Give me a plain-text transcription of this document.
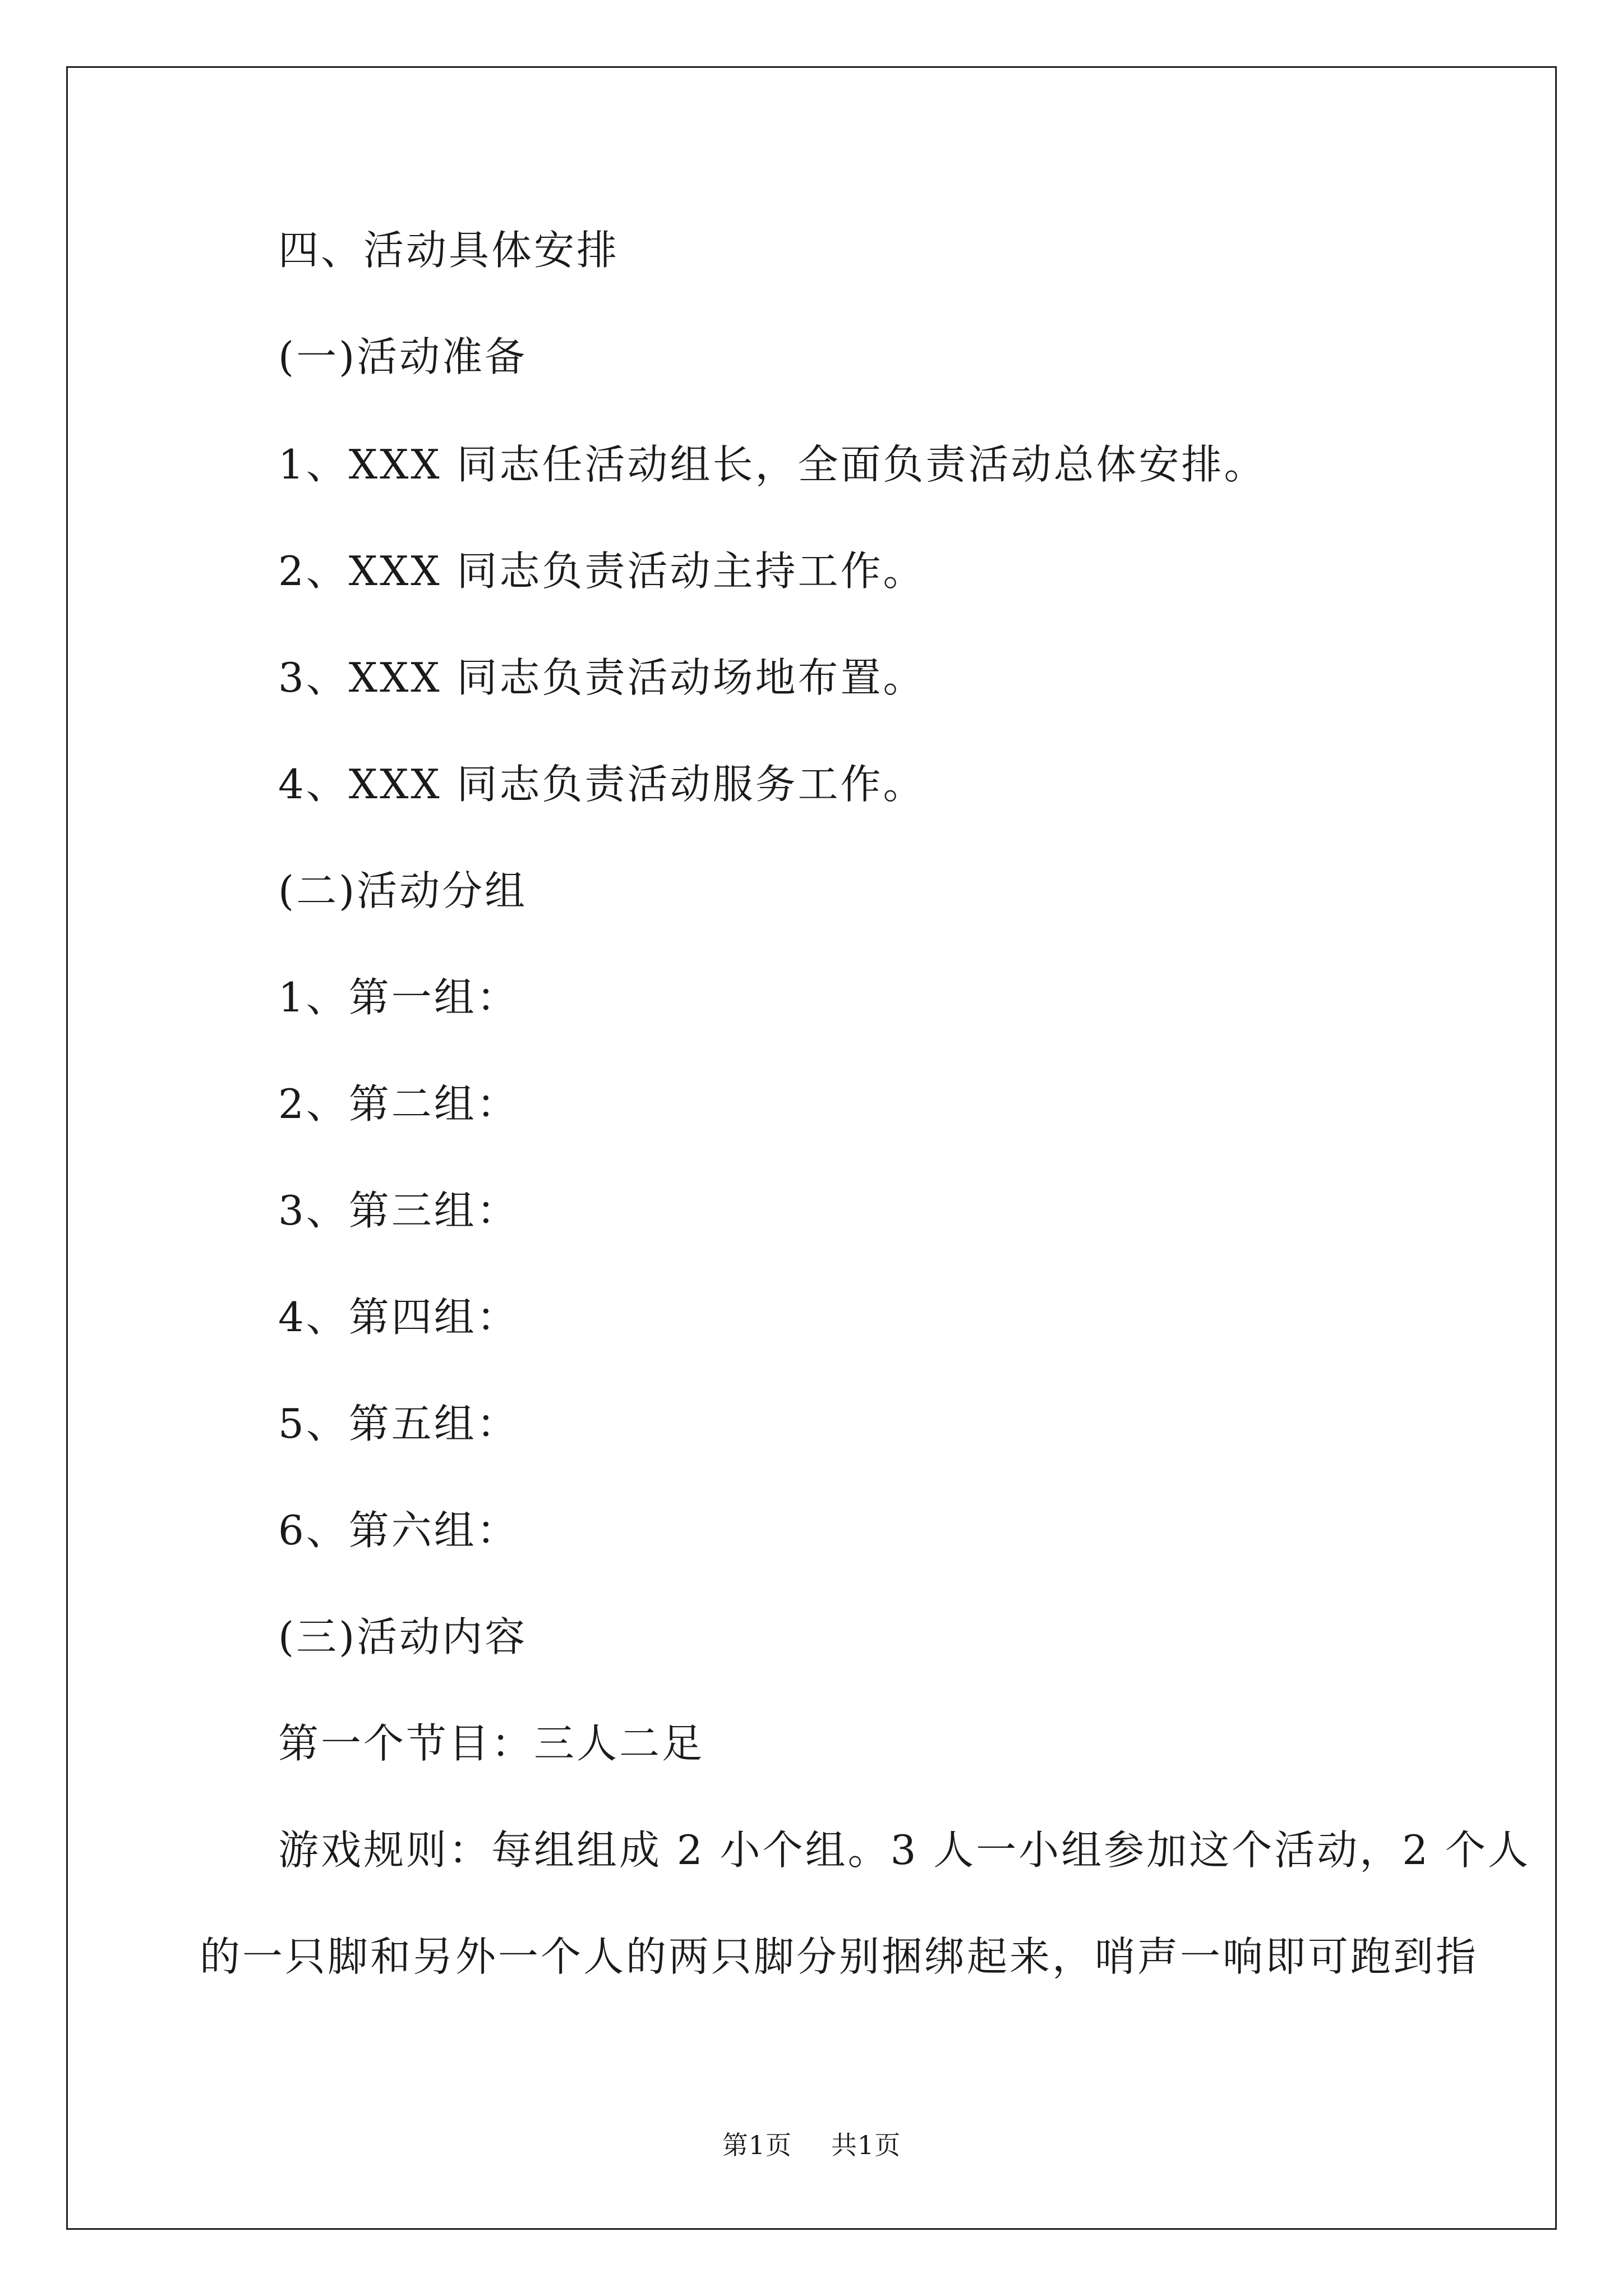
四、活动具体安排
(一)活动准备
1、XXX 同志任活动组长，全面负责活动总体安排。
2、XXX 同志负责活动主持工作。
3、XXX 同志负责活动场地布置。
4、XXX 同志负责活动服务工作。
(二)活动分组
1、第一组：
2、第二组：
3、第三组：
4、第四组：
5、第五组：
6、第六组：
(三)活动内容
第一个节目：三人二足
游戏规则：每组组成 2 小个组。3 人一小组参加这个活动，2 个人
的一只脚和另外一个人的两只脚分别捆绑起来，哨声一响即可跑到指
第1页 共1页
